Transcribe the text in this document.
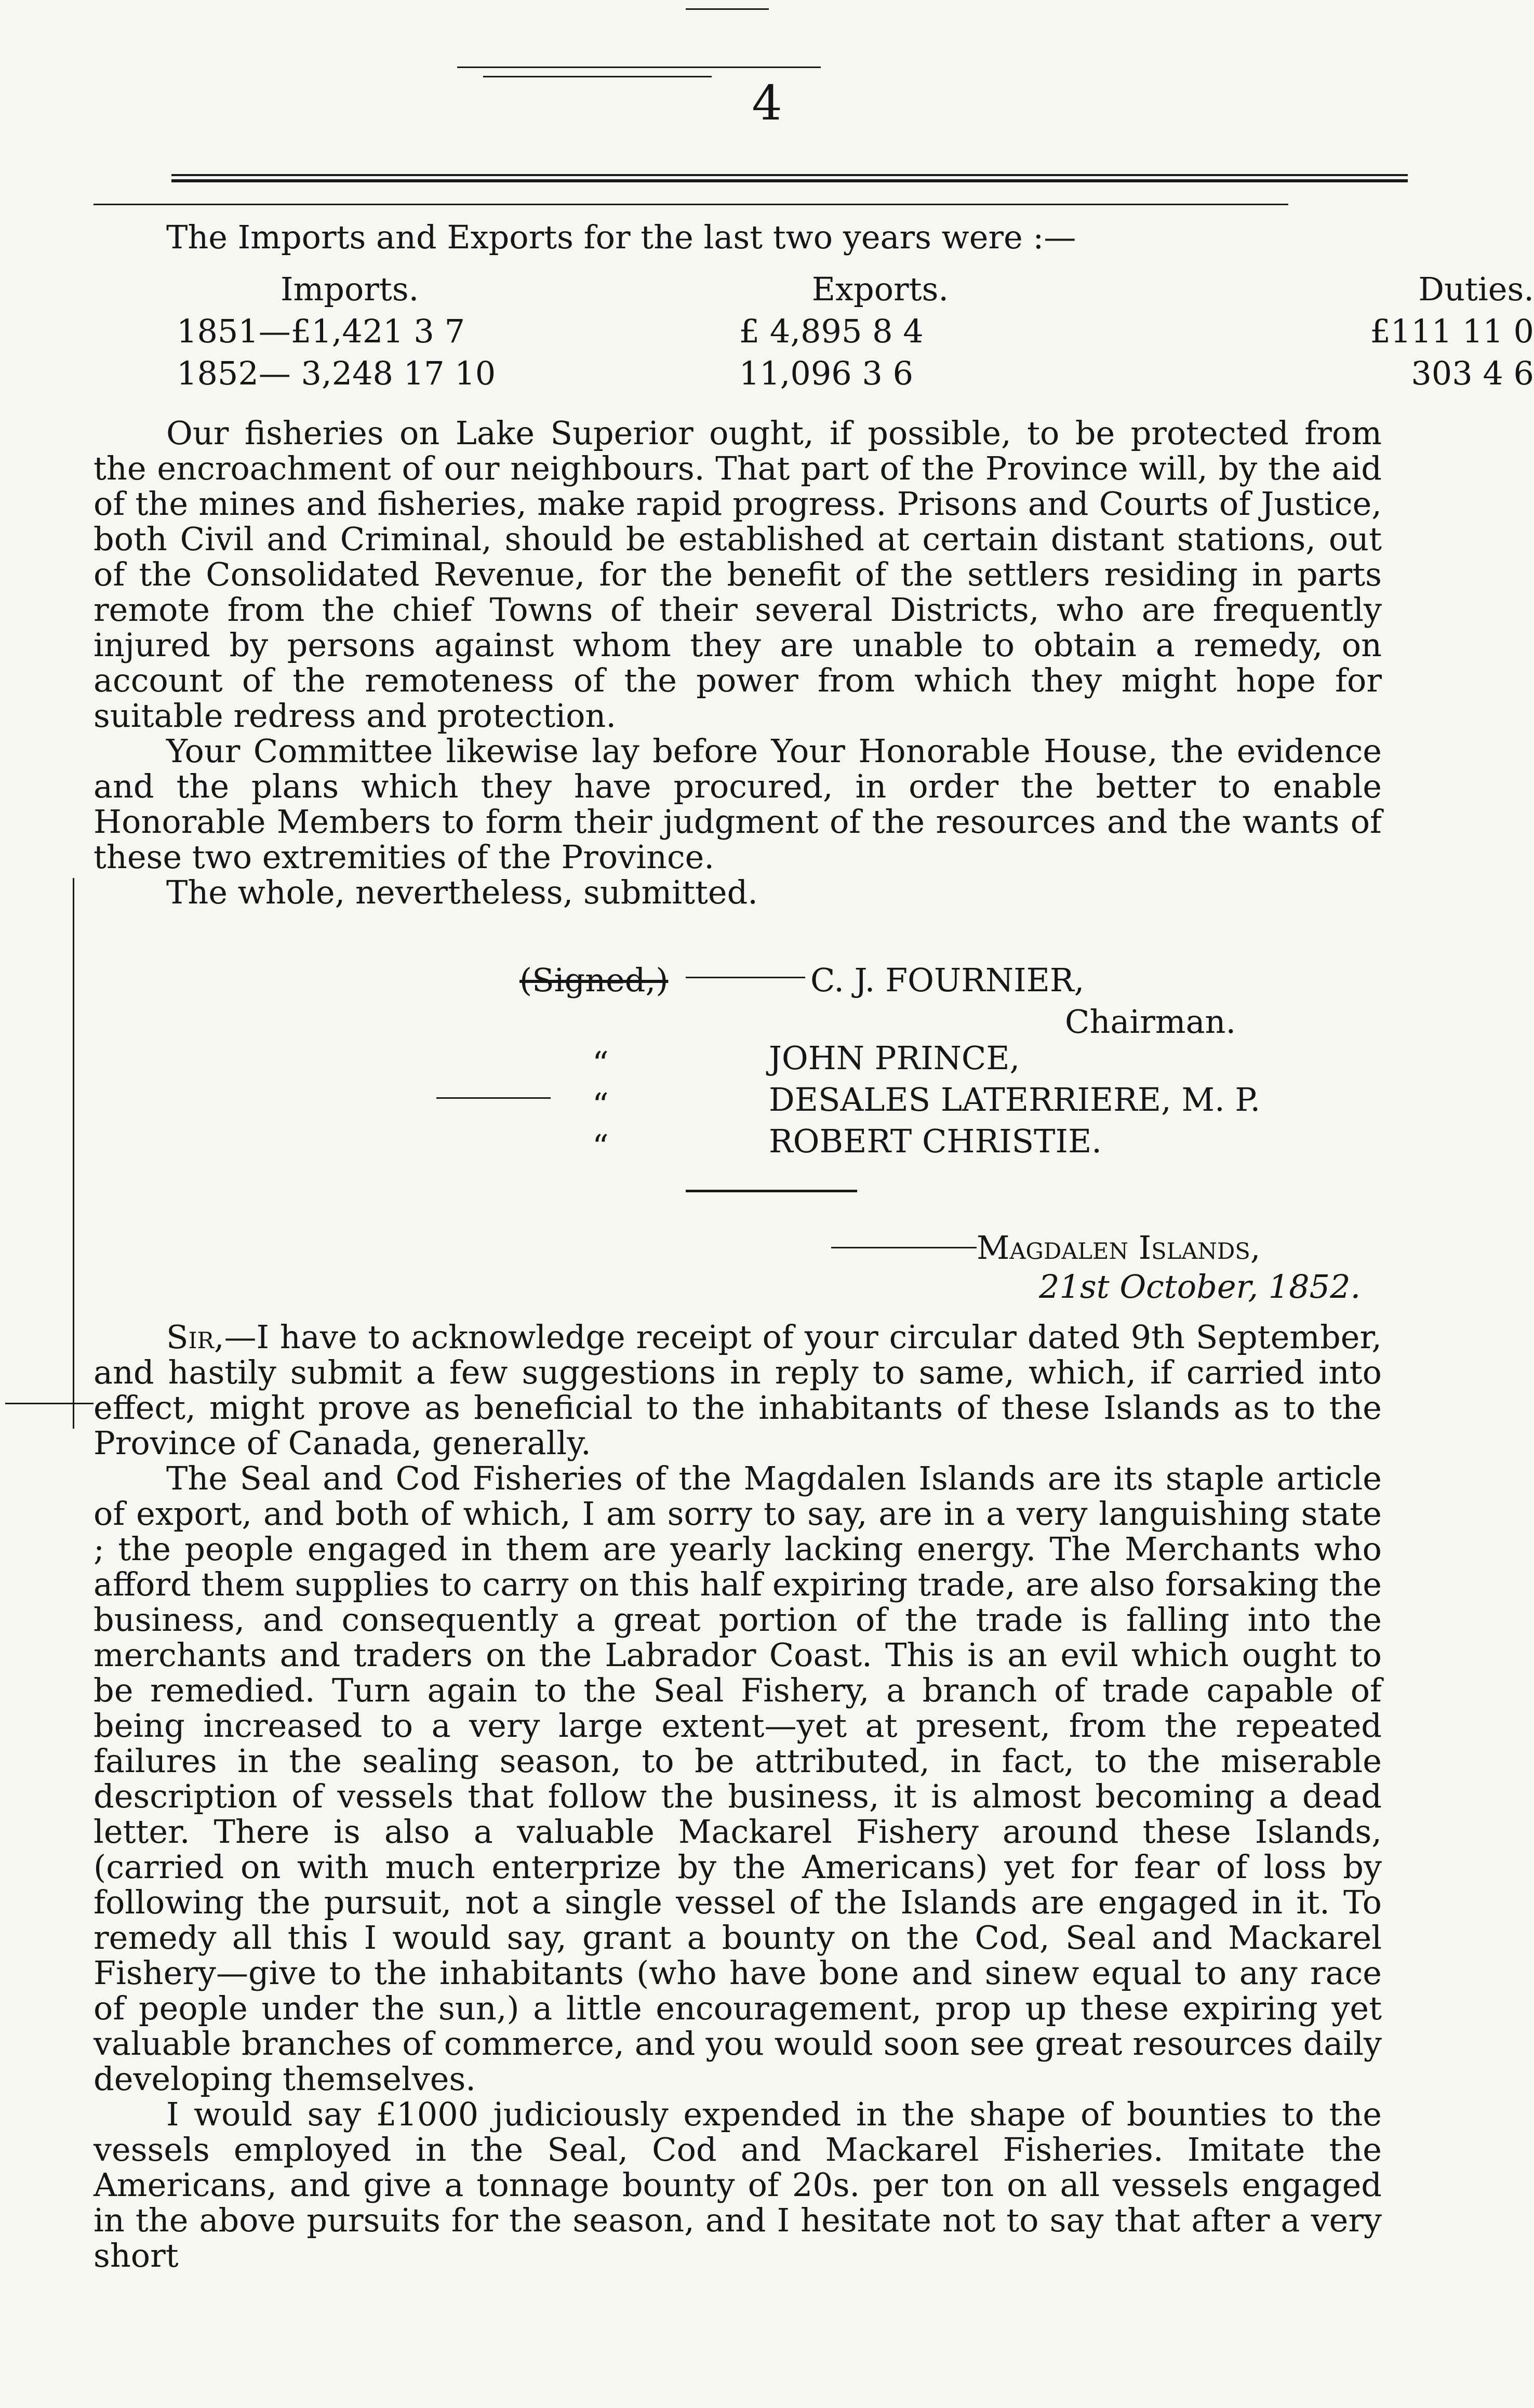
4
The Imports and Exports for the last two years were :—
Imports.	Exports.	Duties.
1851—£1,421 3 7	£ 4,895 8 4	£111 11 0
1852— 3,248 17 10	11,096 3 6	303 4 6

Our fisheries on Lake Superior ought, if possible, to be protected from the encroachment of our neighbours. That part of the Province will, by the aid of the mines and fisheries, make rapid progress. Prisons and Courts of Justice, both Civil and Criminal, should be established at certain distant stations, out of the Consolidated Revenue, for the benefit of the settlers residing in parts remote from the chief Towns of their several Districts, who are frequently injured by persons against whom they are unable to obtain a remedy, on account of the remoteness of the power from which they might hope for suitable redress and protection.

Your Committee likewise lay before Your Honorable House, the evidence and the plans which they have procured, in order the better to enable Honorable Members to form their judgment of the resources and the wants of these two extremities of the Province.

The whole, nevertheless, submitted.

(Signed,)	C. J. FOURNIER,
Chairman.
“	JOHN PRINCE,
“	DESALES LATERRIERE, M. P.
“	ROBERT CHRISTIE.
Magdalen Islands,
21st October, 1852.

Sir,—I have to acknowledge receipt of your circular dated 9th September, and hastily submit a few suggestions in reply to same, which, if carried into effect, might prove as beneficial to the inhabitants of these Islands as to the Province of Canada, generally.

The Seal and Cod Fisheries of the Magdalen Islands are its staple article of export, and both of which, I am sorry to say, are in a very languishing state ; the people engaged in them are yearly lacking energy. The Merchants who afford them supplies to carry on this half expiring trade, are also forsaking the business, and consequently a great portion of the trade is falling into the merchants and traders on the Labrador Coast. This is an evil which ought to be remedied. Turn again to the Seal Fishery, a branch of trade capable of being increased to a very large extent—yet at present, from the repeated failures in the sealing season, to be attributed, in fact, to the miserable description of vessels that follow the business, it is almost becoming a dead letter. There is also a valuable Mackarel Fishery around these Islands, (carried on with much enterprize by the Americans) yet for fear of loss by following the pursuit, not a single vessel of the Islands are engaged in it. To remedy all this I would say, grant a bounty on the Cod, Seal and Mackarel Fishery—give to the inhabitants (who have bone and sinew equal to any race of people under the sun,) a little encouragement, prop up these expiring yet valuable branches of commerce, and you would soon see great resources daily developing themselves.

I would say £1000 judiciously expended in the shape of bounties to the vessels employed in the Seal, Cod and Mackarel Fisheries. Imitate the Americans, and give a tonnage bounty of 20s. per ton on all vessels engaged in the above pursuits for the season, and I hesitate not to say that after a very short
